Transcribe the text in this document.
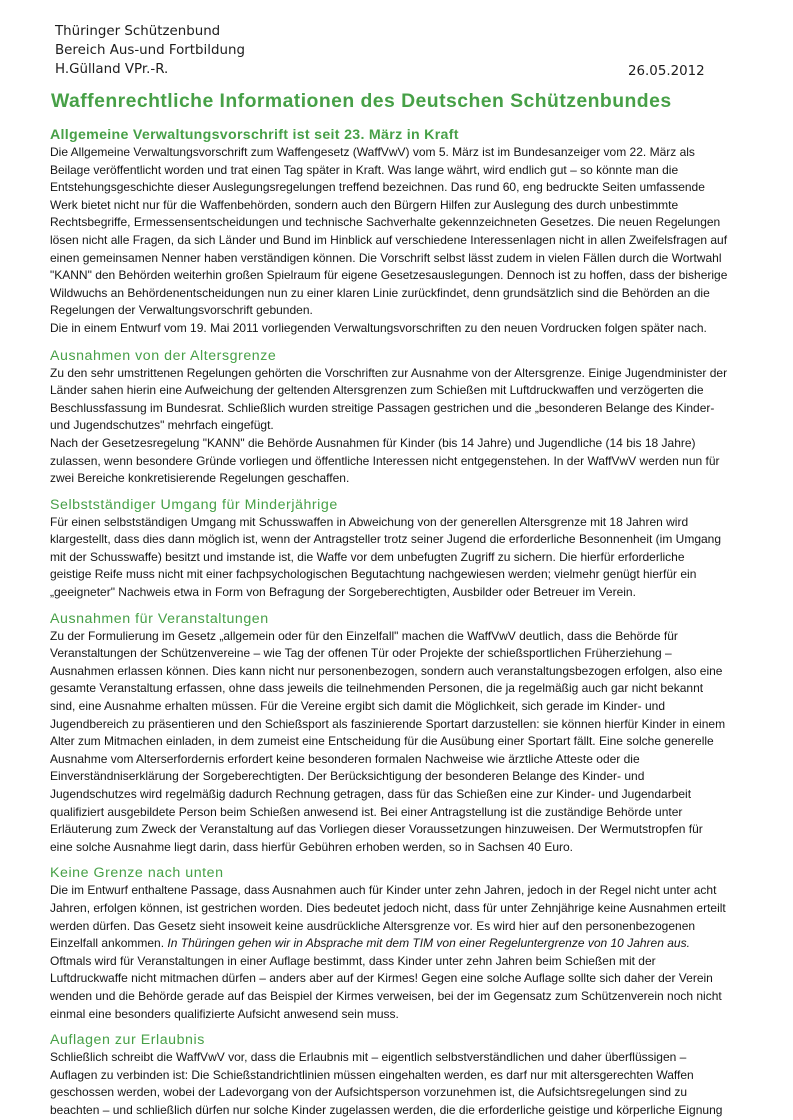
Thüringer Schützenbund
Bereich Aus-und Fortbildung
H.Gülland VPr.-R.	26.05.2012
Waffenrechtliche Informationen des Deutschen Schützenbundes
Allgemeine Verwaltungsvorschrift ist seit 23. März in Kraft

Die Allgemeine Verwaltungsvorschrift zum Waffengesetz (WaffVwV) vom 5. März ist im Bundesanzeiger vom 22. März als Beilage veröffentlicht worden und trat einen Tag später in Kraft. Was lange währt, wird endlich gut – so könnte man die Entstehungsgeschichte dieser Auslegungsregelungen treffend bezeichnen. Das rund 60, eng bedruckte Seiten umfassende Werk bietet nicht nur für die Waffenbehörden, sondern auch den Bürgern Hilfen zur Auslegung des durch unbestimmte Rechtsbegriffe, Ermessensentscheidungen und technische Sachverhalte gekennzeichneten Gesetzes. Die neuen Regelungen lösen nicht alle Fragen, da sich Länder und Bund im Hinblick auf verschiedene Interessenlagen nicht in allen Zweifelsfragen auf einen gemeinsamen Nenner haben verständigen können. Die Vorschrift selbst lässt zudem in vielen Fällen durch die Wortwahl "KANN" den Behörden weiterhin großen Spielraum für eigene Gesetzesauslegungen. Dennoch ist zu hoffen, dass der bisherige Wildwuchs an Behördenentscheidungen nun zu einer klaren Linie zurückfindet, denn grundsätzlich sind die Behörden an die Regelungen der Verwaltungsvorschrift gebunden.

Die in einem Entwurf vom 19. Mai 2011 vorliegenden Verwaltungsvorschriften zu den neuen Vordrucken folgen später nach.

Ausnahmen von der Altersgrenze

Zu den sehr umstrittenen Regelungen gehörten die Vorschriften zur Ausnahme von der Altersgrenze. Einige Jugendminister der Länder sahen hierin eine Aufweichung der geltenden Altersgrenzen zum Schießen mit Luftdruckwaffen und verzögerten die Beschlussfassung im Bundesrat. Schließlich wurden streitige Passagen gestrichen und die „besonderen Belange des Kinder- und Jugendschutzes" mehrfach eingefügt.

Nach der Gesetzesregelung "KANN" die Behörde Ausnahmen für Kinder (bis 14 Jahre) und Jugendliche (14 bis 18 Jahre) zulassen, wenn besondere Gründe vorliegen und öffentliche Interessen nicht entgegenstehen. In der WaffVwV werden nun für zwei Bereiche konkretisierende Regelungen geschaffen.

Selbstständiger Umgang für Minderjährige

Für einen selbstständigen Umgang mit Schusswaffen in Abweichung von der generellen Altersgrenze mit 18 Jahren wird klargestellt, dass dies dann möglich ist, wenn der Antragsteller trotz seiner Jugend die erforderliche Besonnenheit (im Umgang mit der Schusswaffe) besitzt und imstande ist, die Waffe vor dem unbefugten Zugriff zu sichern. Die hierfür erforderliche geistige Reife muss nicht mit einer fachpsychologischen Begutachtung nachgewiesen werden; vielmehr genügt hierfür ein „geeigneter" Nachweis etwa in Form von Befragung der Sorgeberechtigten, Ausbilder oder Betreuer im Verein.

Ausnahmen für Veranstaltungen

Zu der Formulierung im Gesetz „allgemein oder für den Einzelfall" machen die WaffVwV deutlich, dass die Behörde für Veranstaltungen der Schützenvereine – wie Tag der offenen Tür oder Projekte der schießsportlichen Früherziehung – Ausnahmen erlassen können. Dies kann nicht nur personenbezogen, sondern auch veranstaltungsbezogen erfolgen, also eine gesamte Veranstaltung erfassen, ohne dass jeweils die teilnehmenden Personen, die ja regelmäßig auch gar nicht bekannt sind, eine Ausnahme erhalten müssen. Für die Vereine ergibt sich damit die Möglichkeit, sich gerade im Kinder- und Jugendbereich zu präsentieren und den Schießsport als faszinierende Sportart darzustellen: sie können hierfür Kinder in einem Alter zum Mitmachen einladen, in dem zumeist eine Entscheidung für die Ausübung einer Sportart fällt. Eine solche generelle Ausnahme vom Alterserfordernis erfordert keine besonderen formalen Nachweise wie ärztliche Atteste oder die Einverständniserklärung der Sorgeberechtigten. Der Berücksichtigung der besonderen Belange des Kinder- und Jugendschutzes wird regelmäßig dadurch Rechnung getragen, dass für das Schießen eine zur Kinder- und Jugendarbeit qualifiziert ausgebildete Person beim Schießen anwesend ist. Bei einer Antragstellung ist die zuständige Behörde unter Erläuterung zum Zweck der Veranstaltung auf das Vorliegen dieser Voraussetzungen hinzuweisen. Der Wermutstropfen für eine solche Ausnahme liegt darin, dass hierfür Gebühren erhoben werden, so in Sachsen 40 Euro.

Keine Grenze nach unten

Die im Entwurf enthaltene Passage, dass Ausnahmen auch für Kinder unter zehn Jahren, jedoch in der Regel nicht unter acht Jahren, erfolgen können, ist gestrichen worden. Dies bedeutet jedoch nicht, dass für unter Zehnjährige keine Ausnahmen erteilt werden dürfen. Das Gesetz sieht insoweit keine ausdrückliche Altersgrenze vor. Es wird hier auf den personenbezogenen Einzelfall ankommen. In Thüringen gehen wir in Absprache mit dem TIM von einer Regeluntergrenze von 10 Jahren aus.

Oftmals wird für Veranstaltungen in einer Auflage bestimmt, dass Kinder unter zehn Jahren beim Schießen mit der Luftdruckwaffe nicht mitmachen dürfen – anders aber auf der Kirmes! Gegen eine solche Auflage sollte sich daher der Verein wenden und die Behörde gerade auf das Beispiel der Kirmes verweisen, bei der im Gegensatz zum Schützenverein noch nicht einmal eine besonders qualifizierte Aufsicht anwesend sein muss.

Auflagen zur Erlaubnis

Schließlich schreibt die WaffVwV vor, dass die Erlaubnis mit – eigentlich selbstverständlichen und daher überflüssigen – Auflagen zu verbinden ist: Die Schießstandrichtlinien müssen eingehalten werden, es darf nur mit altersgerechten Waffen geschossen werden, wobei der Ladevorgang von der Aufsichtsperson vorzunehmen ist, die Aufsichtsregelungen sind zu beachten – und schließlich dürfen nur solche Kinder zugelassen werden, die die erforderliche geistige und körperliche Eignung
